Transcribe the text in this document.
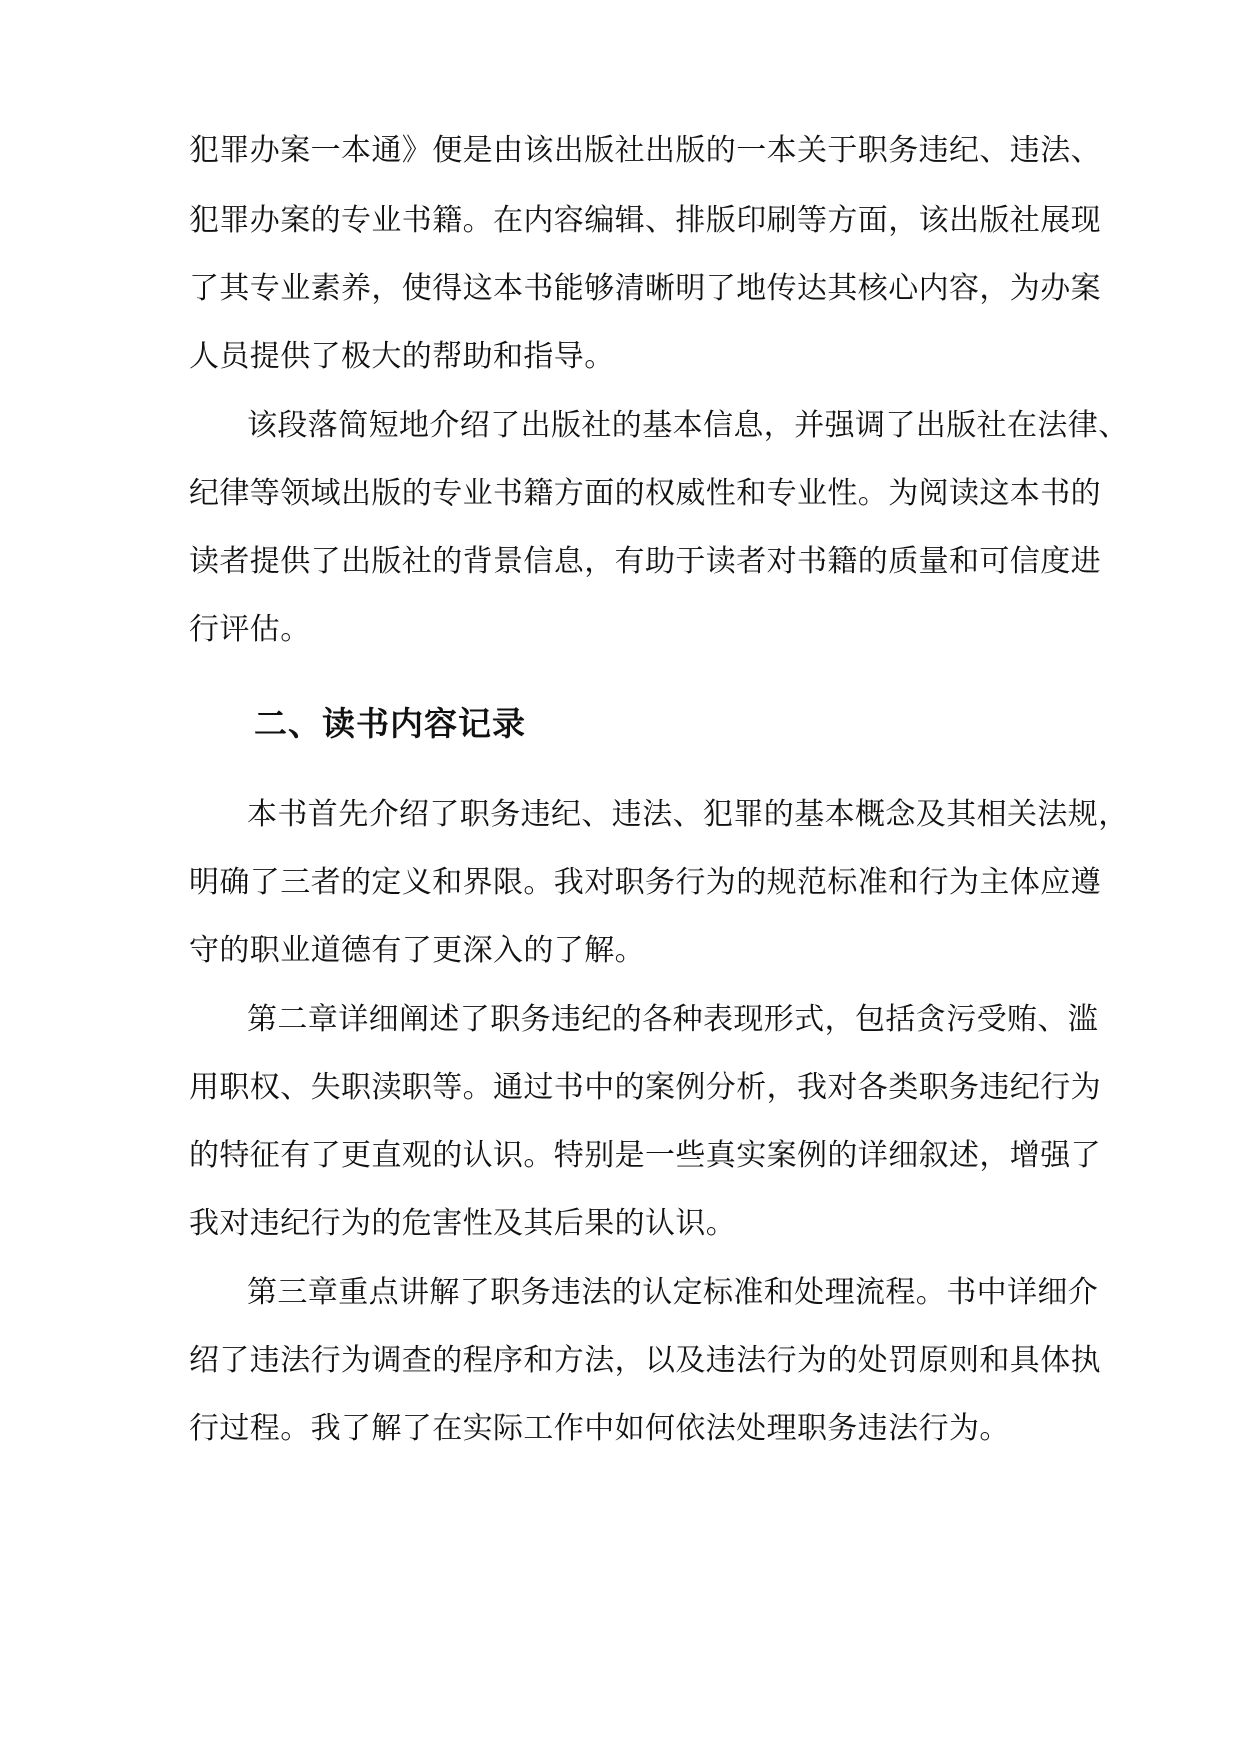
犯罪办案一本通》便是由该出版社出版的一本关于职务违纪、违法、
犯罪办案的专业书籍。在内容编辑、排版印刷等方面，该出版社展现
了其专业素养，使得这本书能够清晰明了地传达其核心内容，为办案
人员提供了极大的帮助和指导。
该段落简短地介绍了出版社的基本信息，并强调了出版社在法律、
纪律等领域出版的专业书籍方面的权威性和专业性。为阅读这本书的
读者提供了出版社的背景信息，有助于读者对书籍的质量和可信度进
行评估。
二、读书内容记录
本书首先介绍了职务违纪、违法、犯罪的基本概念及其相关法规，
明确了三者的定义和界限。我对职务行为的规范标准和行为主体应遵
守的职业道德有了更深入的了解。
第二章详细阐述了职务违纪的各种表现形式，包括贪污受贿、滥
用职权、失职渎职等。通过书中的案例分析，我对各类职务违纪行为
的特征有了更直观的认识。特别是一些真实案例的详细叙述，增强了
我对违纪行为的危害性及其后果的认识。
第三章重点讲解了职务违法的认定标准和处理流程。书中详细介
绍了违法行为调查的程序和方法，以及违法行为的处罚原则和具体执
行过程。我了解了在实际工作中如何依法处理职务违法行为。
